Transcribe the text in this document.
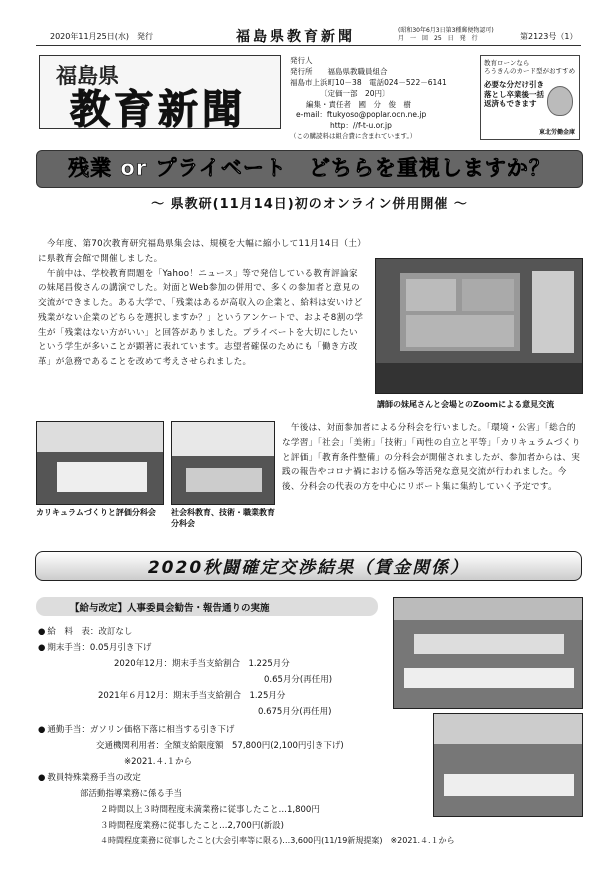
2020年11月25日(水)　発行	福島県教育新聞	(昭和30年6月3日第3種郵便物認可)
月　一　回　25　日　発　行	第2123号（1）
福島県
教育新聞
発行人
発行所　　福島県教職員組合
福島市上浜町10－38　電話024－522－6141
〔定価一部　20円〕
編集・責任者　國　分　俊　樹
e-mail：ftukyoso@poplar.ocn.ne.jp
http：//f-t-u.or.jp
（この購読料は組合費に含まれています。）
教育ローンなら
ろうきんのカード型がおすすめ
必要な分だけ引き落とし卒業後一括返済もできます
東北労働金庫
残業 or プライベート　どちらを重視しますか？
～ 県教研(11月14日)初のオンライン併用開催 ～

　今年度、第70次教育研究福島県集会は、規模を大幅に縮小して11月14日（土）に県教育会館で開催しました。

　午前中は、学校教育問題を「Yahoo！ニュース」等で発信している教育評論家の妹尾昌俊さんの講演でした。対面とWeb参加の併用で、多くの参加者と意見の交流ができました。ある大学で、「残業はあるが高収入の企業と、給料は安いけど残業がない企業のどちらを選択しますか？」というアンケートで、およそ8割の学生が「残業はない方がいい」と回答がありました。プライベートを大切にしたいという学生が多いことが顕著に表れています。志望者確保のためにも「働き方改革」が急務であることを改めて考えさせられました。

講師の妹尾さんと会場とのZoomによる意見交流
カリキュラムづくりと評価分科会	社会科教育、技術・職業教育分科会
　午後は、対面参加者による分科会を行いました。「環境・公害」「総合的な学習」「社会」「美術」「技術」「両性の自立と平等」「カリキュラムづくりと評価」「教育条件整備」の分科会が開催されましたが、参加者からは、実践の報告やコロナ禍における悩み等活発な意見交流が行われました。今後、分科会の代表の方を中心にリポート集に集約していく予定です。
2020秋闘確定交渉結果（賃金関係）
【給与改定】人事委員会勧告・報告通りの実施
● 給　料　表：改訂なし
● 期末手当：0.05月引き下げ
2020年12月：期末手当支給割合　1.225月分
0.65月分(再任用)
2021年６月12月：期末手当支給割合　1.25月分
0.675月分(再任用)
● 通勤手当：ガソリン価格下落に相当する引き下げ
交通機関利用者：全額支給限度額　57,800円(2,100円引き下げ)
※2021.４.１から
● 教員特殊業務手当の改定
部活動指導業務に係る手当
２時間以上３時間程度未満業務に従事したこと…1,800円
３時間程度業務に従事したこと…2,700円(新設)
４時間程度業務に従事したこと(大会引率等に限る)…3,600円(11/19新規提案)　※2021.４.１から
